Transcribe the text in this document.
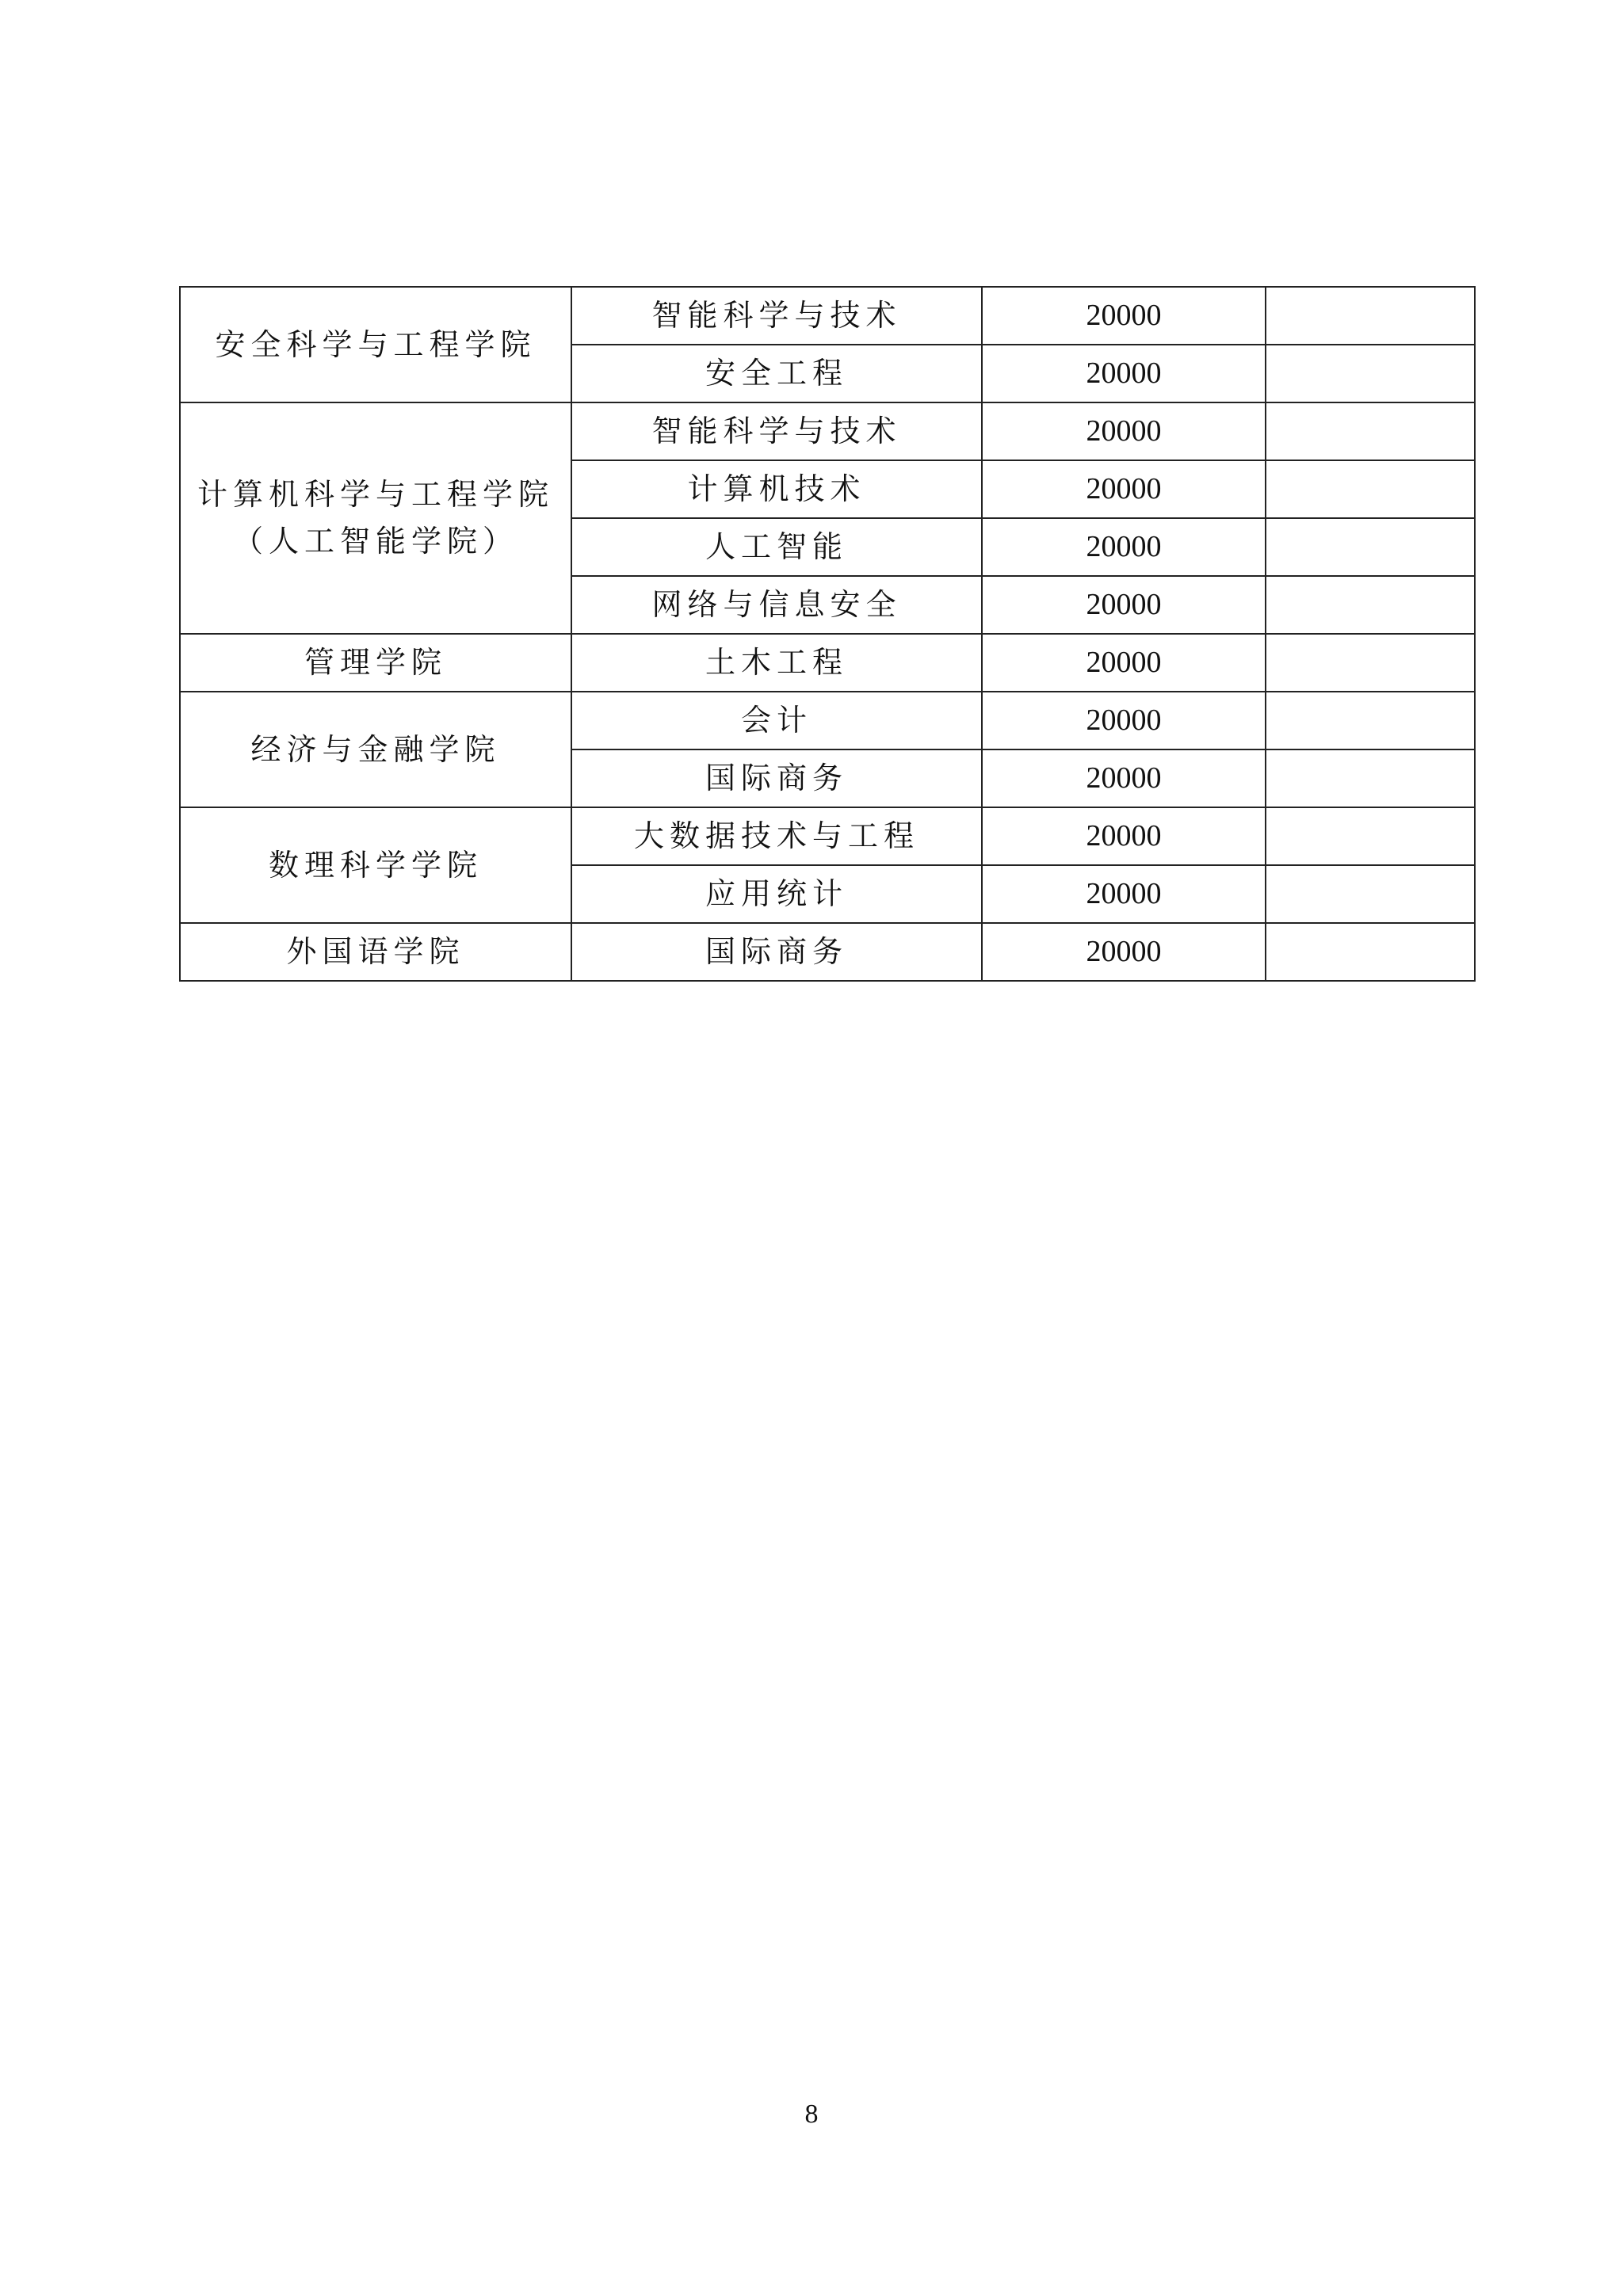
安全科学与工程学院	智能科学与技术	20000	
	安全工程	20000	

计算机科学与工程学院
（人工智能学院）	智能科学与技术	20000	
	计算机技术	20000	
	人工智能	20000	
	网络与信息安全	20000	

管理学院	土木工程	20000	

经济与金融学院	会计	20000	
	国际商务	20000	

数理科学学院	大数据技术与工程	20000	
	应用统计	20000	

外国语学院	国际商务	20000	
8
